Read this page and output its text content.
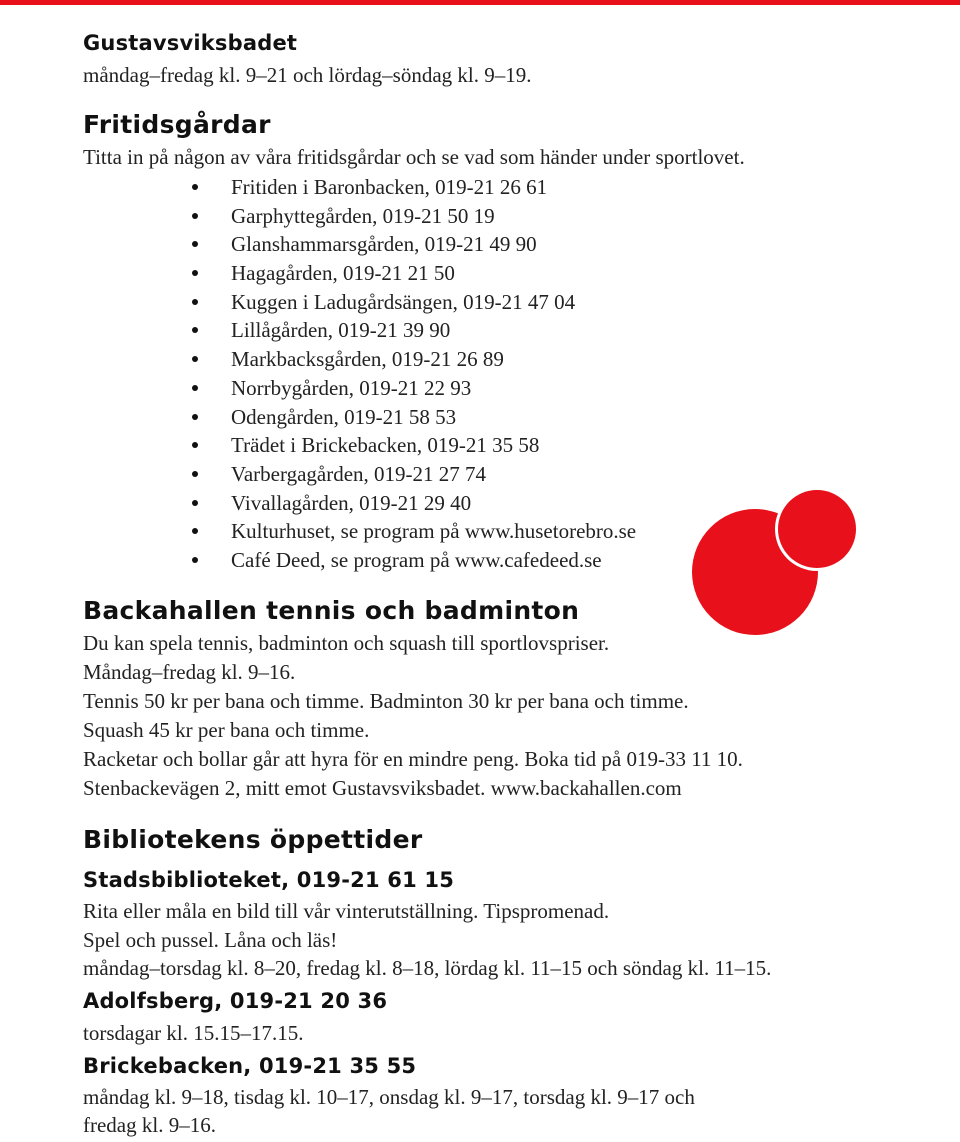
Gustavsviksbadet

måndag–fredag kl. 9–21 och lördag–söndag kl. 9–19.

Fritidsgårdar

Titta in på någon av våra fritidsgårdar och se vad som händer under sportlovet.

Fritiden i Baronbacken, 019-21 26 61
Garphyttegården, 019-21 50 19
Glanshammarsgården, 019-21 49 90
Hagagården, 019-21 21 50
Kuggen i Ladugårdsängen, 019-21 47 04
Lillågården, 019-21 39 90
Markbacksgården, 019-21 26 89
Norrbygården, 019-21 22 93
Odengården, 019-21 58 53
Trädet i Brickebacken, 019-21 35 58
Varbergagården, 019-21 27 74
Vivallagården, 019-21 29 40
Kulturhuset, se program på www.husetorebro.se
Café Deed, se program på www.cafedeed.se
Backahallen tennis och badminton

Du kan spela tennis, badminton och squash till sportlovspriser.

Måndag–fredag kl. 9–16.

Tennis 50 kr per bana och timme. Badminton 30 kr per bana och timme.

Squash 45 kr per bana och timme.

Racketar och bollar går att hyra för en mindre peng. Boka tid på 019-33 11 10.

Stenbackevägen 2, mitt emot Gustavsviksbadet. www.backahallen.com

Bibliotekens öppettider
Stadsbiblioteket, 019-21 61 15

Rita eller måla en bild till vår vinterutställning. Tipspromenad.

Spel och pussel. Låna och läs!

måndag–torsdag kl. 8–20, fredag kl. 8–18, lördag kl. 11–15 och söndag kl. 11–15.

Adolfsberg, 019-21 20 36

torsdagar kl. 15.15–17.15.

Brickebacken, 019-21 35 55

måndag kl. 9–18, tisdag kl. 10–17, onsdag kl. 9–17, torsdag kl. 9–17 och

fredag kl. 9–16.
